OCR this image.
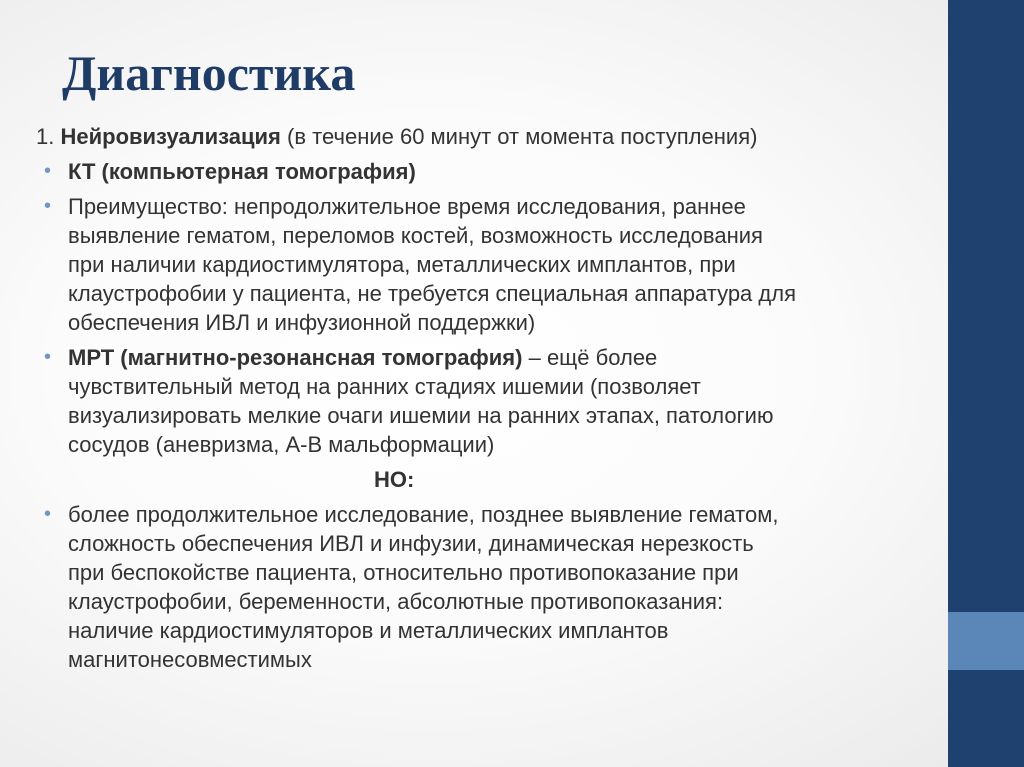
Диагностика

1. Нейровизуализация (в течение 60 минут от момента поступления)

• КТ (компьютерная томография)
• Преимущество: непродолжительное время исследования, раннее
выявление гематом, переломов костей, возможность исследования
при наличии кардиостимулятора, металлических имплантов, при
клаустрофобии у пациента, не требуется специальная аппаратура для
обеспечения ИВЛ и инфузионной поддержки)
• МРТ (магнитно-резонансная томография) – ещё более
чувствительный метод на ранних стадиях ишемии (позволяет
визуализировать мелкие очаги ишемии на ранних этапах, патологию
сосудов (аневризма, А-В мальформации)

НО:

• более продолжительное исследование, позднее выявление гематом,
сложность обеспечения ИВЛ и инфузии, динамическая нерезкость
при беспокойстве пациента, относительно противопоказание при
клаустрофобии, беременности, абсолютные противопоказания:
наличие кардиостимуляторов и металлических имплантов
магнитонесовместимых
